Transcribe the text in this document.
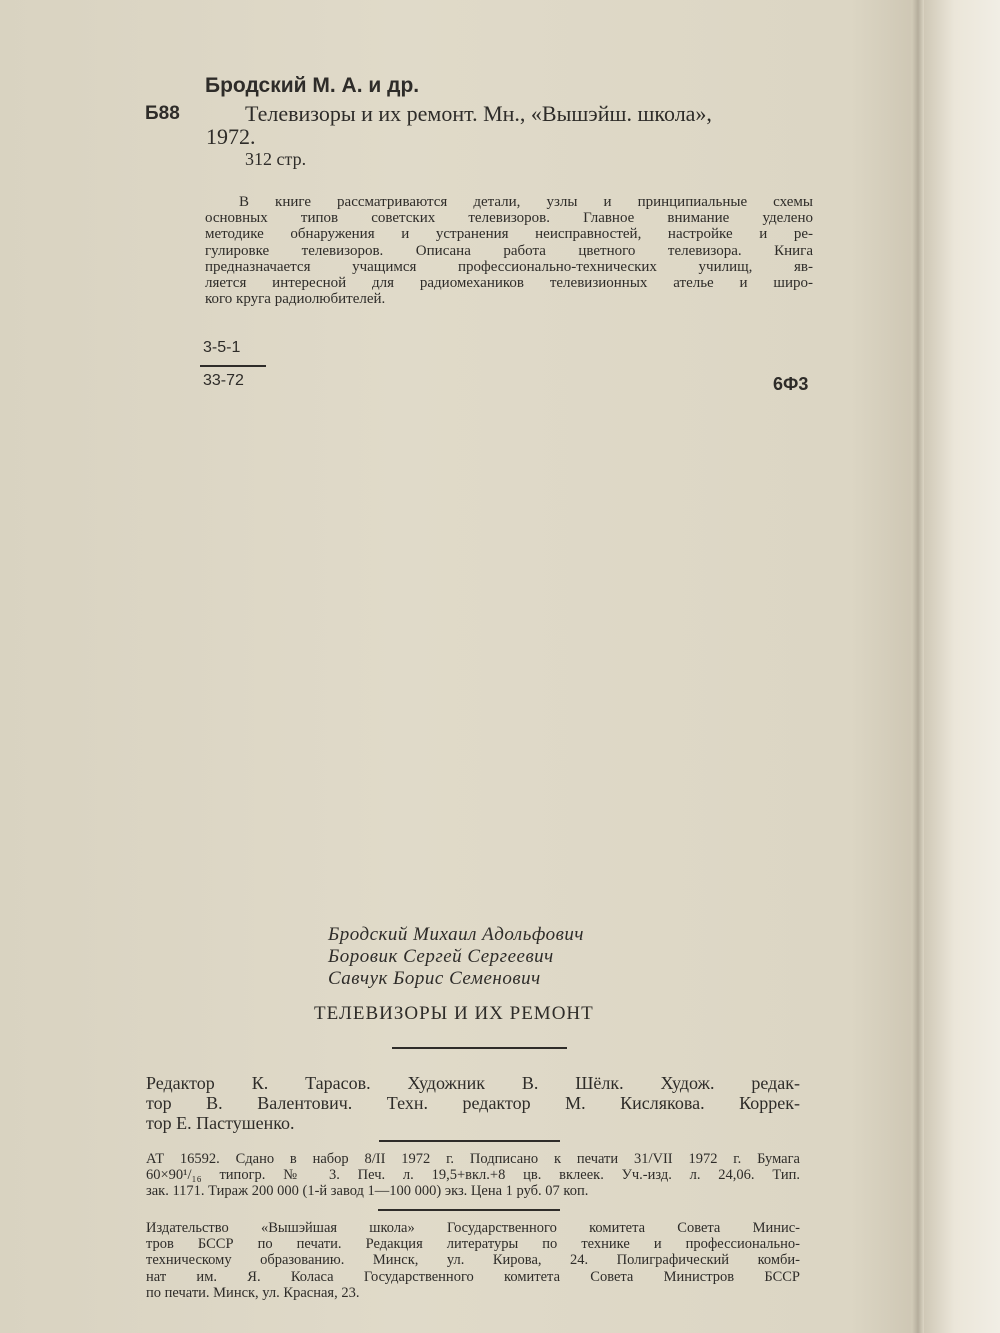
Бродский М. А. и др.
Б88	Телевизоры и их ремонт. Мн., «Вышэйш. школа»,
1972.
312 стр.
В книге рассматриваются детали, узлы и принципиальные схемы
основных типов советских телевизоров. Главное внимание уделено
методике обнаружения и устранения неисправностей, настройке и ре-
гулировке телевизоров. Описана работа цветного телевизора. Книга
предназначается учащимся профессионально-технических училищ, яв-
ляется интересной для радиомехаников телевизионных ателье и широ-
кого круга радиолюбителей.
3-5-1
33-72	6Ф3
Бродский Михаил Адольфович
Боровик Сергей Сергеевич
Савчук Борис Семенович
ТЕЛЕВИЗОРЫ И ИХ РЕМОНТ
Редактор К. Тарасов. Художник В. Шёлк. Худож. редак-
тор В. Валентович. Техн. редактор М. Кислякова. Коррек-
тор Е. Пастушенко.
АТ 16592. Сдано в набор 8/II 1972 г. Подписано к печати 31/VII 1972 г. Бумага
60×90¹/₁₆ типогр. № 3. Печ. л. 19,5+вкл.+8 цв. вклеек. Уч.-изд. л. 24,06. Тип.
зак. 1171. Тираж 200 000 (1-й завод 1—100 000) экз. Цена 1 руб. 07 коп.
Издательство «Вышэйшая школа» Государственного комитета Совета Минис-
тров БССР по печати. Редакция литературы по технике и профессионально-
техническому образованию. Минск, ул. Кирова, 24. Полиграфический комби-
нат им. Я. Коласа Государственного комитета Совета Министров БССР
по печати. Минск, ул. Красная, 23.
